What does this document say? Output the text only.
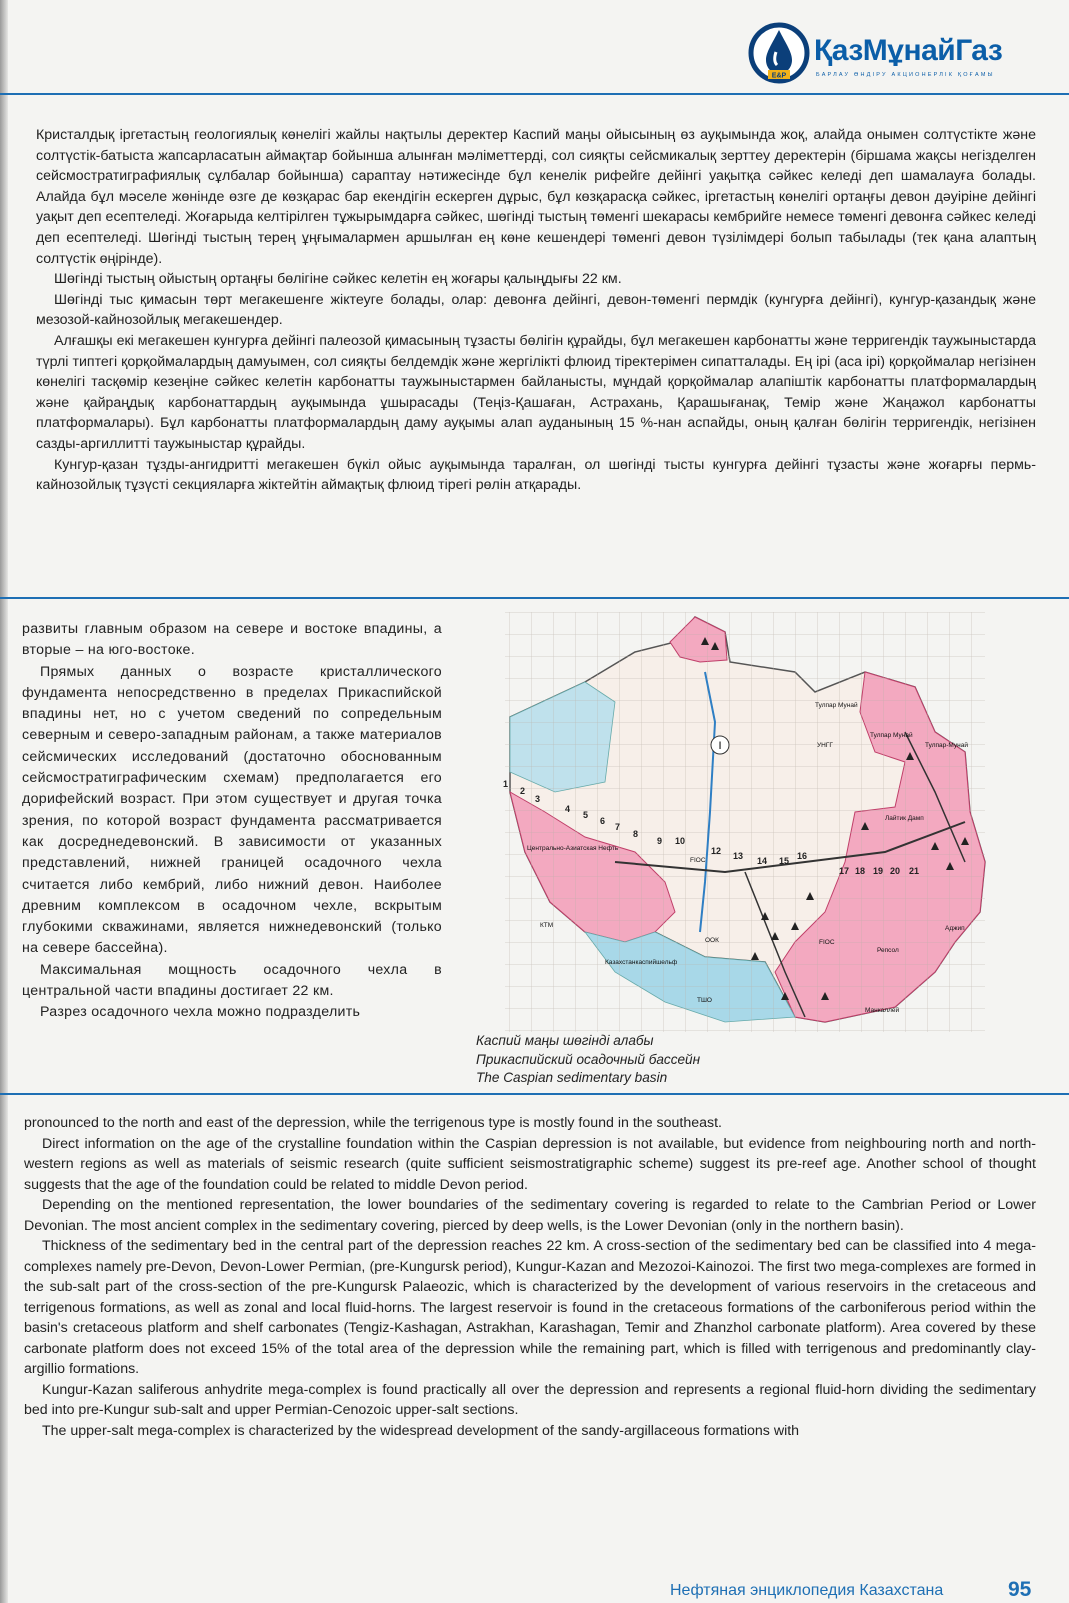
E&P
ҚазМұнайГаз
БАРЛАУ ӨНДІРУ АКЦИОНЕРЛІК ҚОҒАМЫ

Кристалдық іргетастың геологиялық көнелігі жайлы нақтылы деректер Каспий маңы ойысының өз ауқымында жоқ, алайда онымен солтүстікте және солтүстік-батыста жапсарласатын аймақтар бойынша алынған мәліметтерді, сол сияқты сейсмикалық зерттеу деректерін (біршама жақсы негізделген сейсмостратиграфиялық сұлбалар бойынша) сараптау нәтижесінде бұл кенелік рифейге дейінгі уақытқа сәйкес келеді деп шамалауға болады. Алайда бұл мәселе жөнінде өзге де көзқарас бар екендігін ескерген дұрыс, бұл көзқарасқа сәйкес, іргетастың көнелігі ортаңғы девон дәуіріне дейінгі уақыт деп есептеледі. Жоғарыда келтірілген тұжырымдарға сәйкес, шөгінді тыстың төменгі шекарасы кембрийге немесе төменгі девонға сәйкес келеді деп есептеледі. Шөгінді тыстың терең ұңғымалармен аршылған ең көне кешендері төменгі девон түзілімдері болып табылады (тек қана алаптың солтүстік өңірінде).

Шөгінді тыстың ойыстың ортаңғы бөлігіне сәйкес келетін ең жоғары қалыңдығы 22 км.

Шөгінді тыс қимасын төрт мегакешенге жіктеуге болады, олар: девонға дейінгі, девон-төменгі пермдік (кунгурға дейінгі), кунгур-қазандық және мезозой-кайнозойлық мегакешендер.

Алғашқы екі мегакешен кунгурға дейінгі палеозой қимасының тұзасты бөлігін құрайды, бұл мегакешен карбонатты және терригендік таужыныстарда түрлі типтегі қорқоймалардың дамуымен, сол сияқты белдемдік және жергілікті флюид тіректерімен сипатталады. Ең ірі (аса ірі) қорқоймалар негізінен көнелігі тасқөмір кезеңіне сәйкес келетін карбонатты таужыныстармен байланысты, мұндай қорқоймалар алапіштік карбонатты платформалардың және қайраңдық карбонаттардың ауқымында ұшырасады (Теңіз-Қашаған, Астрахань, Қарашығанақ, Темір және Жаңажол карбонатты платформалары). Бұл карбонатты платформалардың даму ауқымы алап ауданының 15 %-нан аспайды, оның қалған бөлігін терригендік, негізінен сазды-аргиллитті таужыныстар құрайды.

Кунгур-қазан тұзды-ангидритті мегакешен бүкіл ойыс ауқымында таралған, ол шөгінді тысты кунгурға дейінгі тұзасты және жоғарғы пермь-кайнозойлық тұзүсті секцияларға жіктейтін аймақтық флюид тірегі рөлін атқарады.

развиты главным образом на севере и востоке впадины, а вторые – на юго-востоке.

Прямых данных о возрасте кристаллического фундамента непосредственно в пределах Прикаспийской впадины нет, но с учетом сведений по сопредельным северным и северо-западным районам, а также материалов сейсмических исследований (достаточно обоснованным сейсмостратиграфическим схемам) предполагается его дорифейский возраст. При этом существует и другая точка зрения, по которой возраст фундамента рассматривается как досреднедевонский. В зависимости от указанных представлений, нижней границей осадочного чехла считается либо кембрий, либо нижний девон. Наиболее древним комплексом в осадочном чехле, вскрытым глубокими скважинами, является нижнедевонский (только на севере бассейна).

Максимальная мощность осадочного чехла в центральной части впадины достигает 22 км.

Разрез осадочного чехла можно подразделить

I
1
2
3
4
5
6
7
8
9 10
12 13 14 15 16
17 18 19 20 21
Тулпар Мунай
Тулпар Мунай
Тулпар-Мунай
УНГГ
Лайтик Дамп
Центрально-Азиатская Нефть
КТМ
FIOC
ООК
ТШО
Казахстанкаспийшельф
Репсол
Манкаллей
Аджип
FIOC
Каспий маңы шөгінді алабы
Прикаспийский осадочный бассейн
The Caspian sedimentary basin

pronounced to the north and east of the depression, while the terrigenous type is mostly found in the southeast.

Direct information on the age of the crystalline foundation within the Caspian depression is not available, but evidence from neighbouring north and north-western regions as well as materials of seismic research (quite sufficient seismostratigraphic scheme) suggest its pre-reef age. Another school of thought suggests that the age of the foundation could be related to middle Devon period.

Depending on the mentioned representation, the lower boundaries of the sedimentary covering is regarded to relate to the Cambrian Period or Lower Devonian. The most ancient complex in the sedimentary covering, pierced by deep wells, is the Lower Devonian (only in the northern basin).

Thickness of the sedimentary bed in the central part of the depression reaches 22 km. A cross-section of the sedimentary bed can be classified into 4 mega-complexes namely pre-Devon, Devon-Lower Permian, (pre-Kungursk period), Kungur-Kazan and Mezozoi-Kainozoi. The first two mega-complexes are formed in the sub-salt part of the cross-section of the pre-Kungursk Palaeozic, which is characterized by the development of various reservoirs in the cretaceous and terrigenous formations, as well as zonal and local fluid-horns. The largest reservoir is found in the cretaceous formations of the carboniferous period within the basin's cretaceous platform and shelf carbonates (Tengiz-Kashagan, Astrakhan, Karashagan, Temir and Zhanzhol carbonate platform). Area covered by these carbonate platform does not exceed 15% of the total area of the depression while the remaining part, which is filled with terrigenous and predominantly clay-argillio formations.

Kungur-Kazan saliferous anhydrite mega-complex is found practically all over the depression and represents a regional fluid-horn dividing the sedimentary bed into pre-Kungur sub-salt and upper Permian-Cenozoic upper-salt sections.

The upper-salt mega-complex is characterized by the widespread development of the sandy-argillaceous formations with

Нефтяная энциклопедия Казахстана	95
